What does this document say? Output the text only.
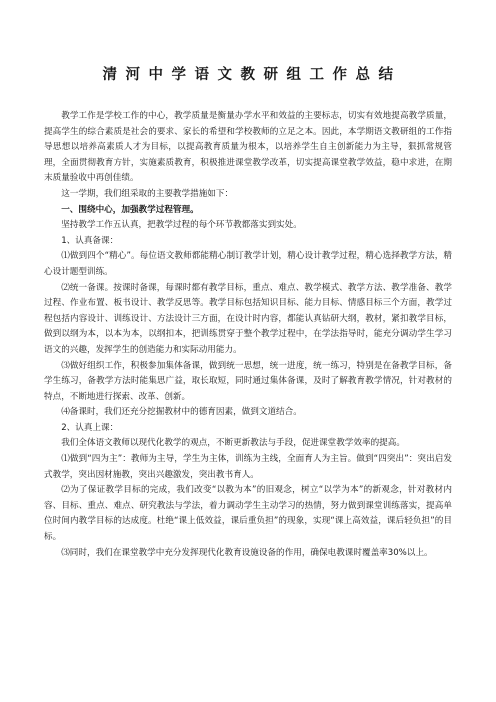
清河中学语文教研组工作总结

教学工作是学校工作的中心，教学质量是衡量办学水平和效益的主要标志，切实有效地提高教学质量，提高学生的综合素质是社会的要求、家长的希望和学校教师的立足之本。因此，本学期语文教研组的工作指导思想以培养高素质人才为目标，以提高教育质量为根本，以培养学生自主创新能力为主导，狠抓常规管理，全面贯彻教育方针，实施素质教育，积极推进课堂教学改革，切实提高课堂教学效益，稳中求进，在期末质量验收中再创佳绩。

这一学期，我们组采取的主要教学措施如下：

一、围绕中心，加强教学过程管理。

坚持教学工作五认真，把教学过程的每个环节教都落实到实处。

1、认真备课：

⑴做到四个“精心”。每位语文教师都能精心制订教学计划，精心设计教学过程，精心选择教学方法，精心设计题型训练。

⑵统一备课。按课时备课，每课时都有教学目标，重点、难点、教学模式、教学方法、教学准备、教学过程、作业布置、板书设计、教学反思等。教学目标包括知识目标、能力目标、情感目标三个方面，教学过程包括内容设计、训练设计、方法设计三方面，在设计时内容，都能认真钻研大纲，教材，紧扣教学目标，做到以纲为本，以本为本，以纲扣本，把训练贯穿于整个教学过程中，在学法指导时，能充分调动学生学习语文的兴趣，发挥学生的创造能力和实际动用能力。

⑶做好组织工作，积极参加集体备课，做到统一思想，统一进度，统一练习，特别是在备教学目标，备学生练习，备教学方法时能集思广益，取长取短，同时通过集体备课，及时了解教育教学情况，针对教材的特点，不断地进行探索、改革、创新。

⑷备课时，我们还充分挖掘教材中的德育因素，做到文道结合。

2、认真上课：

我们全体语文教师以现代化教学的观点，不断更新教法与手段，促进课堂教学效率的提高。

⑴做到“四为主”：教师为主导，学生为主体，训练为主线，全面育人为主旨。做到“四突出”：突出启发式教学，突出因材施教，突出兴趣激发，突出教书育人。

⑵为了保证教学目标的完成，我们改变“以教为本”的旧观念，树立“以学为本”的新观念，针对教材内容、目标、重点、难点、研究教法与学法，着力调动学生主动学习的热情，努力做到课堂训练落实，提高单位时间内教学目标的达成度。杜绝“课上低效益，课后重负担”的现象，实现“课上高效益，课后轻负担”的目标。

⑶同时，我们在课堂教学中充分发挥现代化教育设施设备的作用，确保电教课时覆盖率30%以上。
